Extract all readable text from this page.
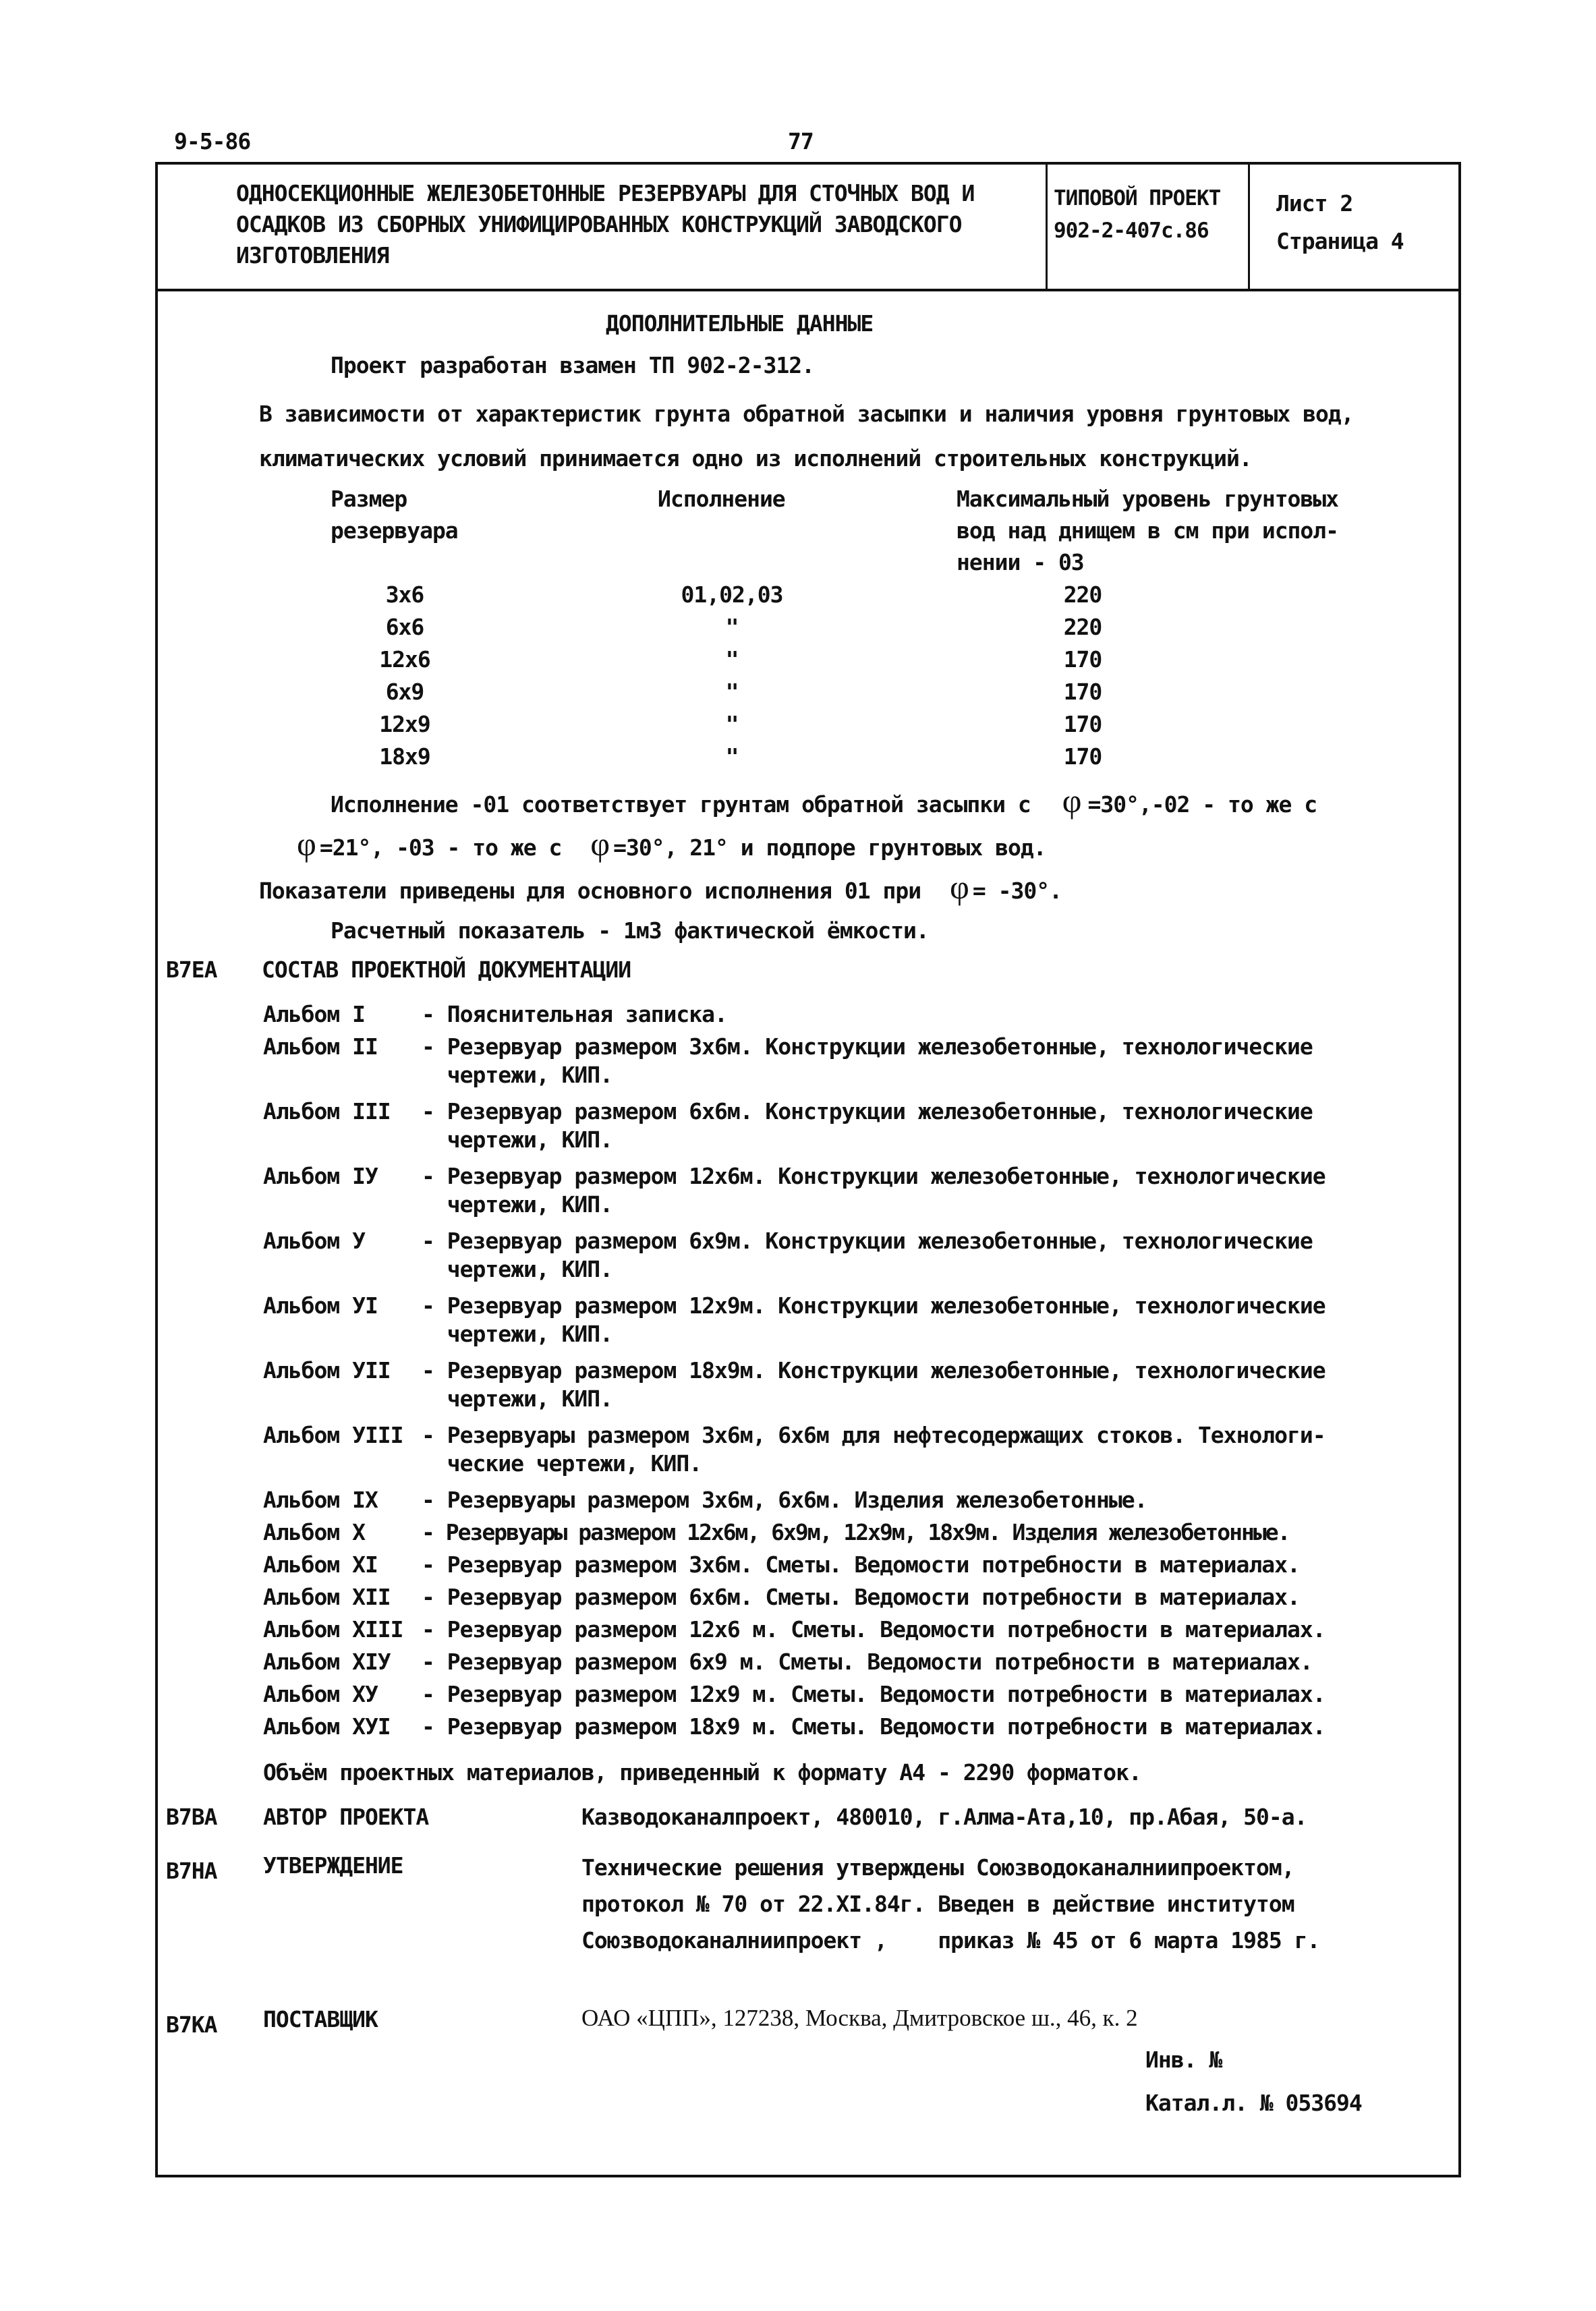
9-5-86	77
ОДНОСЕКЦИОННЫЕ ЖЕЛЕЗОБЕТОННЫЕ РЕЗЕРВУАРЫ ДЛЯ СТОЧНЫХ ВОД И
ОСАДКОВ ИЗ СБОРНЫХ УНИФИЦИРОВАННЫХ КОНСТРУКЦИЙ ЗАВОДСКОГО
ИЗГОТОВЛЕНИЯ
ТИПОВОЙ ПРОЕКТ
902-2-407с.86
Лист 2
Страница 4
ДОПОЛНИТЕЛЬНЫЕ ДАННЫЕ
Проект разработан взамен ТП 902-2-312.
В зависимости от характеристик грунта обратной засыпки и наличия уровня грунтовых вод,
климатических условий принимается одно из исполнений строительных конструкций.
Размер
резервуара
Исполнение	Максимальный уровень грунтовых
вод над днищем в см при испол-
нении - 03
3х6	01,02,03	220
6х6	"	220
12х6	"	170
6х9	"	170
12х9	"	170
18х9	"	170
Исполнение -01 соответствует грунтам обратной засыпки с φ =30°,-02 - то же с
φ =21°, -03 - то же с φ =30°, 21° и подпоре грунтовых вод.
Показатели приведены для основного исполнения 01 при φ = -30°.
Расчетный показатель - 1м3 фактической ёмкости.
В7ЕА СОСТАВ ПРОЕКТНОЙ ДОКУМЕНТАЦИИ
Альбом I	- Пояснительная записка.
Альбом II - Резервуар размером 3х6м. Конструкции железобетонные, технологические
чертежи, КИП.
Альбом III - Резервуар размером 6х6м. Конструкции железобетонные, технологические
чертежи, КИП.
Альбом IУ - Резервуар размером 12х6м. Конструкции железобетонные, технологические
чертежи, КИП.
Альбом У	- Резервуар размером 6х9м. Конструкции железобетонные, технологические
чертежи, КИП.
Альбом УI - Резервуар размером 12х9м. Конструкции железобетонные, технологические
чертежи, КИП.
Альбом УII - Резервуар размером 18х9м. Конструкции железобетонные, технологические
чертежи, КИП.
Альбом УIII - Резервуары размером 3х6м, 6х6м для нефтесодержащих стоков. Технологи-
ческие чертежи, КИП.
Альбом IХ - Резервуары размером 3х6м, 6х6м. Изделия железобетонные.
Альбом Х	- Резервуары размером 12х6м, 6х9м, 12х9м, 18х9м. Изделия железобетонные.
Альбом ХI - Резервуар размером 3х6м. Сметы. Ведомости потребности в материалах.
Альбом ХII - Резервуар размером 6х6м. Сметы. Ведомости потребности в материалах.
Альбом ХIII - Резервуар размером 12х6 м. Сметы. Ведомости потребности в материалах.
Альбом ХIУ - Резервуар размером 6х9 м. Сметы. Ведомости потребности в материалах.
Альбом ХУ - Резервуар размером 12х9 м. Сметы. Ведомости потребности в материалах.
Альбом ХУI - Резервуар размером 18х9 м. Сметы. Ведомости потребности в материалах.
Объём проектных материалов, приведенный к формату А4 - 2290 форматок.
В7ВА АВТОР ПРОЕКТА	Казводоканалпроект, 480010, г.Алма-Ата,10, пр.Абая, 50-а.
В7НА УТВЕРЖДЕНИЕ	Технические решения утверждены Союзводоканалниипроектом,
протокол № 70 от 22.ХI.84г. Введен в действие институтом
Союзводоканалниипроект ,    приказ № 45 от 6 марта 1985 г.
В7КА ПОСТАВЩИК	ОАО «ЦПП», 127238, Москва, Дмитровское ш., 46, к. 2
Инв. №
Катал.л. № 053694
